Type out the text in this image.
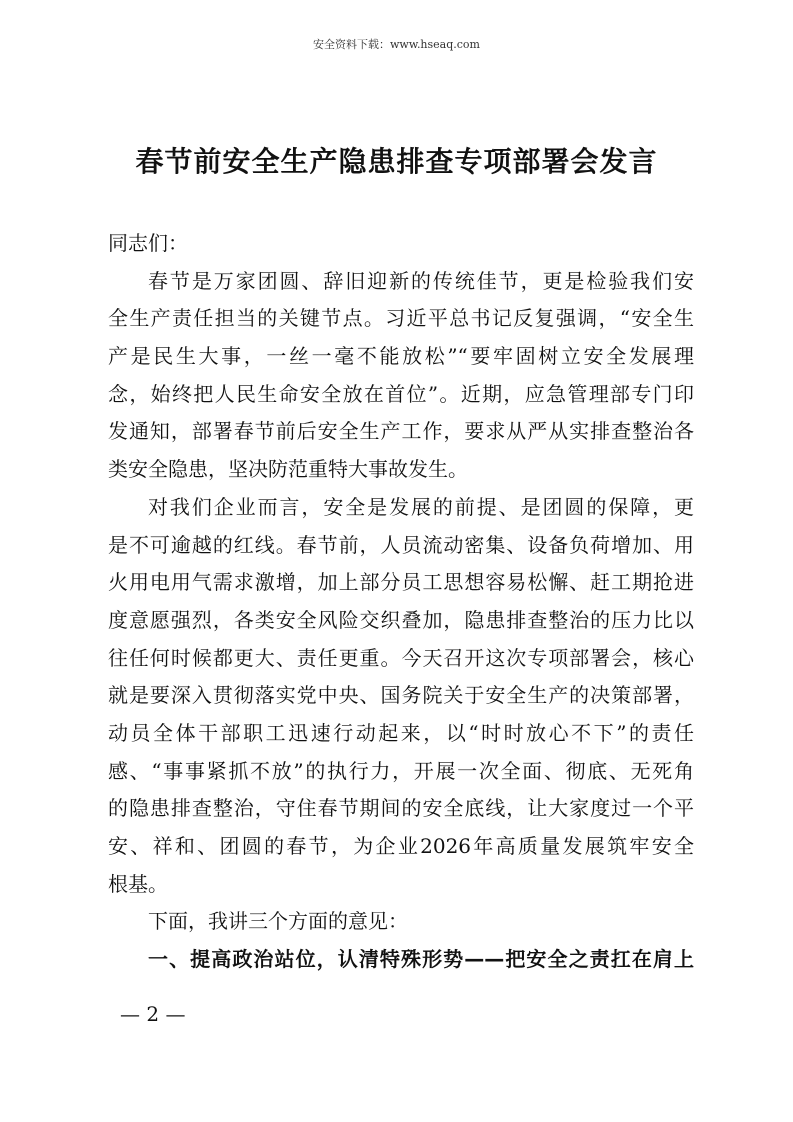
安全资料下载：www.hseaq.com
春节前安全生产隐患排查专项部署会发言
同志们：
春节是万家团圆、辞旧迎新的传统佳节，更是检验我们安
全生产责任担当的关键节点。习近平总书记反复强调，“安全生
产是民生大事，一丝一毫不能放松”“要牢固树立安全发展理
念，始终把人民生命安全放在首位”。近期，应急管理部专门印
发通知，部署春节前后安全生产工作，要求从严从实排查整治各
类安全隐患，坚决防范重特大事故发生。
对我们企业而言，安全是发展的前提、是团圆的保障，更
是不可逾越的红线。春节前，人员流动密集、设备负荷增加、用
火用电用气需求激增，加上部分员工思想容易松懈、赶工期抢进
度意愿强烈，各类安全风险交织叠加，隐患排查整治的压力比以
往任何时候都更大、责任更重。今天召开这次专项部署会，核心
就是要深入贯彻落实党中央、国务院关于安全生产的决策部署，
动员全体干部职工迅速行动起来，以“时时放心不下”的责任
感、“事事紧抓不放”的执行力，开展一次全面、彻底、无死角
的隐患排查整治，守住春节期间的安全底线，让大家度过一个平
安、祥和、团圆的春节，为企业2026年高质量发展筑牢安全
根基。
下面，我讲三个方面的意见：
一、提高政治站位，认清特殊形势——把安全之责扛在肩上
— 2 —
